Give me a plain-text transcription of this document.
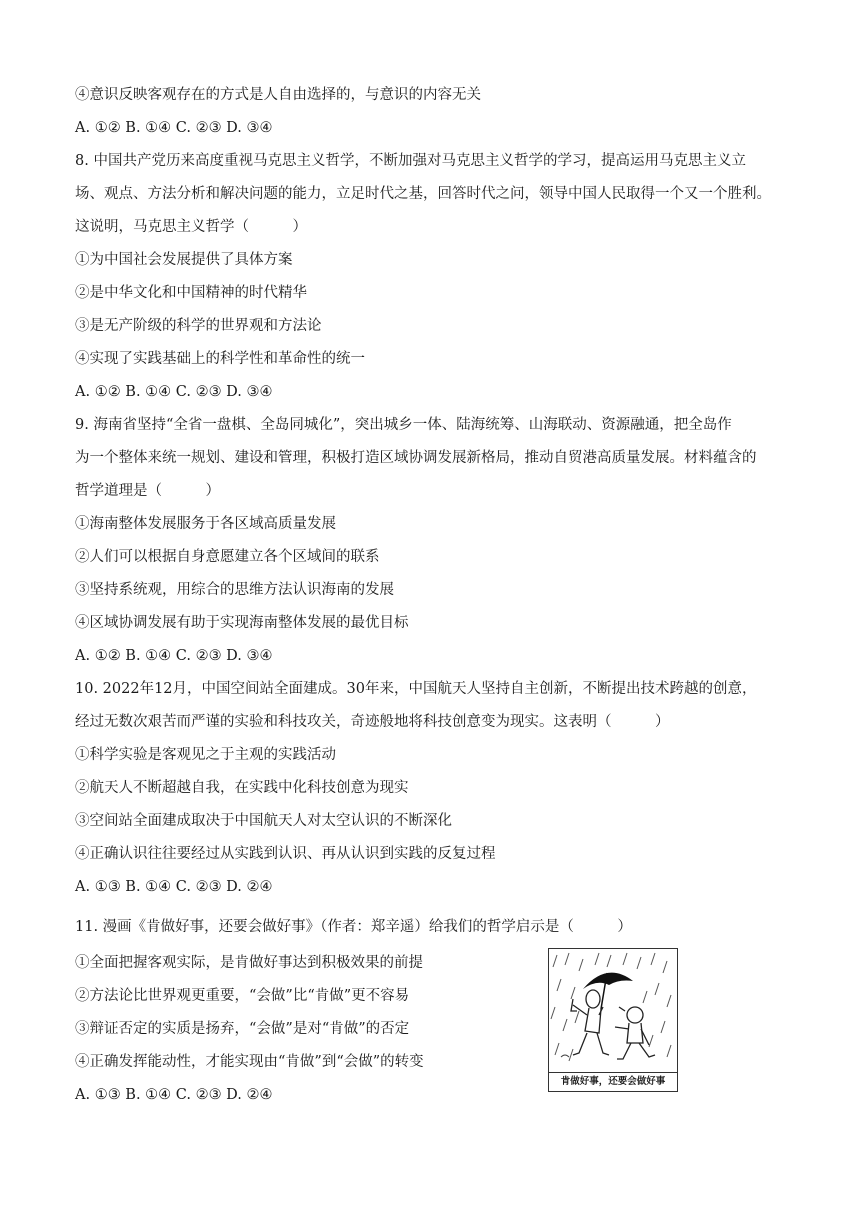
④意识反映客观存在的方式是人自由选择的，与意识的内容无关
A. ①② B. ①④ C. ②③ D. ③④
8. 中国共产党历来高度重视马克思主义哲学，不断加强对马克思主义哲学的学习，提高运用马克思主义立
场、观点、方法分析和解决问题的能力，立足时代之基，回答时代之问，领导中国人民取得一个又一个胜利。
这说明，马克思主义哲学（　　　）
①为中国社会发展提供了具体方案
②是中华文化和中国精神的时代精华
③是无产阶级的科学的世界观和方法论
④实现了实践基础上的科学性和革命性的统一
A. ①② B. ①④ C. ②③ D. ③④
9. 海南省坚持“全省一盘棋、全岛同城化”，突出城乡一体、陆海统筹、山海联动、资源融通，把全岛作
为一个整体来统一规划、建设和管理，积极打造区域协调发展新格局，推动自贸港高质量发展。材料蕴含的
哲学道理是（　　　）
①海南整体发展服务于各区域高质量发展
②人们可以根据自身意愿建立各个区域间的联系
③坚持系统观，用综合的思维方法认识海南的发展
④区域协调发展有助于实现海南整体发展的最优目标
A. ①② B. ①④ C. ②③ D. ③④
10. 2022年12月，中国空间站全面建成。30年来，中国航天人坚持自主创新，不断提出技术跨越的创意，
经过无数次艰苦而严谨的实验和科技攻关，奇迹般地将科技创意变为现实。这表明（　　　）
①科学实验是客观见之于主观的实践活动
②航天人不断超越自我，在实践中化科技创意为现实
③空间站全面建成取决于中国航天人对太空认识的不断深化
④正确认识往往要经过从实践到认识、再从认识到实践的反复过程
A. ①③ B. ①④ C. ②③ D. ②④
11. 漫画《肯做好事，还要会做好事》（作者：郑辛遥）给我们的哲学启示是（　　　）
①全面把握客观实际，是肯做好事达到积极效果的前提
②方法论比世界观更重要，“会做”比“肯做”更不容易
③辩证否定的实质是扬弃，“会做”是对“肯做”的否定
④正确发挥能动性，才能实现由“肯做”到“会做”的转变
A. ①③ B. ①④ C. ②③ D. ②④
肯做好事，还要会做好事
